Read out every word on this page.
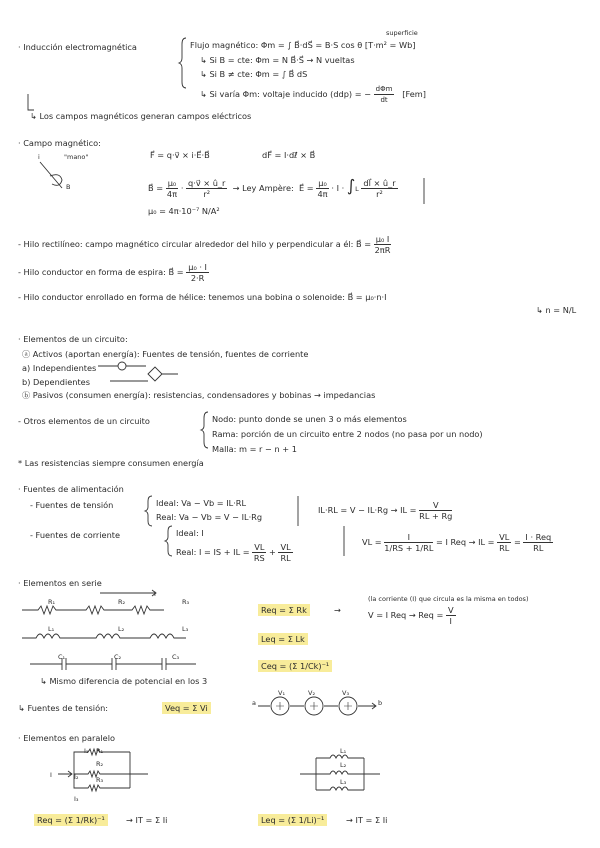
superficie
· Inducción electromagnética	Flujo magnético: Φm = ∫ B⃗·dS⃗ = B·S cos θ [T·m² = Wb]
↳ Si B = cte: Φm = N B⃗·S⃗ → N vueltas
↳ Si B ≠ cte: Φm = ∫ B⃗ dS
↳ Si varía Φm: voltaje inducido (ddp) = − $\frac{\text{dΦm}}{dt} [Fem]$
↳ Los campos magnéticos generan campos eléctricos
· Campo magnético:
i	"mano"
B
F⃗ = q·v⃗ × i·E⃗·B⃗	dF⃗ = I·dℓ⃗ × B⃗
B⃗ = $\frac{\text{μ₀}}{4\pi} \cdot \frac{q\cdot v⃗ \times û\_r}{\text{r²}}$ → Ley Ampère: E⃗ = $\frac{\text{μ₀}}{4\pi} \cdot I \cdot \int L \frac{dl⃗ \times û\_r}{\text{r²}}$
μ₀ = 4π·10⁻⁷ N/A²
- Hilo rectilíneo: campo magnético circular alrededor del hilo y perpendicular a él: B⃗ = $\frac{\text{μ₀ I}}{2\pi R}$
- Hilo conductor en forma de espira: B⃗ = $\frac{\text{μ₀ · I}}{2\cdot R}$
- Hilo conductor enrollado en forma de hélice: tenemos una bobina o solenoide: B⃗ = μ₀·n·I
↳ n = N/L
· Elementos de un circuito:
ⓐ Activos (aportan energía): Fuentes de tensión, fuentes de corriente
a) Independientes
b) Dependientes
ⓑ Pasivos (consumen energía): resistencias, condensadores y bobinas → impedancias
- Otros elementos de un circuito	Nodo: punto donde se unen 3 o más elementos
Rama: porción de un circuito entre 2 nodos (no pasa por un nodo)
Malla: m = r − n + 1
* Las resistencias siempre consumen energía
· Fuentes de alimentación
- Fuentes de tensión	Ideal: Va − Vb = IL·RL
Real: Va − Vb = V − IL·Rg
IL·RL = V − IL·Rg → IL = $\frac{V}{RL + Rg}$
- Fuentes de corriente	Ideal: I
Real: I = IS + IL = $\frac{VL}{RS} + \frac{VL}{RL}$	VL = $\frac{I}{1/RS + 1/RL} = I$ Req → IL = $\frac{VL}{RL} = \frac{\text{I · Req}}{RL}$
· Elementos en serie
I
R₁	R₂	R₃
L₁	L₂	L₃
C₁	C₂	C₃
Req = Σ Rk	→
(la corriente (I) que circula es la misma en todos)
V = I Req → Req = $\frac{V}{I}$
Leq = Σ Lk
Ceq = (Σ 1/Ck)⁻¹
↳ Mismo diferencia de potencial en los 3
↳ Fuentes de tensión:	Veq = Σ Vi	a	b
V₁	V₂	V₃
· Elementos en paralelo
I
I₁
I₂
I₃
R₁
R₂
R₃
L₁
L₂
L₃
Req = (Σ 1/Rk)⁻¹	→ IT = Σ Ii	Leq = (Σ 1/Li)⁻¹	→ IT = Σ Ii
